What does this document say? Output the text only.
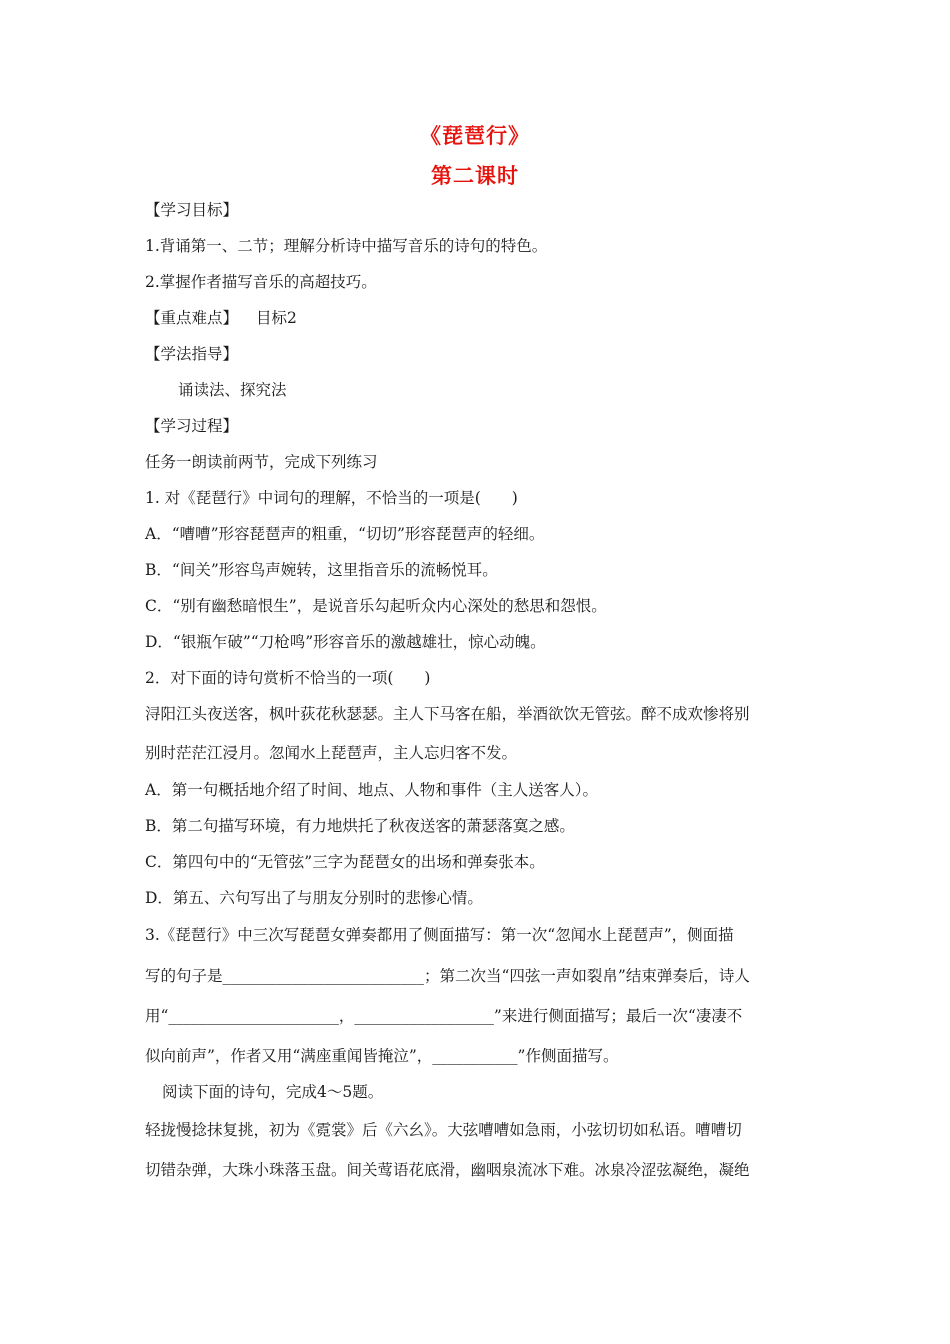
《琵琶行》
第二课时
【学习目标】
1.背诵第一、二节；理解分析诗中描写音乐的诗句的特色。
2.掌握作者描写音乐的高超技巧。
【重点难点】 目标2
【学法指导】
诵读法、探究法
【学习过程】
任务一朗读前两节，完成下列练习
1. 对《琵琶行》中词句的理解，不恰当的一项是(　　)
A．“嘈嘈”形容琵琶声的粗重，“切切”形容琵琶声的轻细。
B．“间关”形容鸟声婉转，这里指音乐的流畅悦耳。
C．“别有幽愁暗恨生”，是说音乐勾起听众内心深处的愁思和怨恨。
D．“银瓶乍破”“刀枪鸣”形容音乐的激越雄壮，惊心动魄。
2．对下面的诗句赏析不恰当的一项(　　)
浔阳江头夜送客，枫叶荻花秋瑟瑟。主人下马客在船，举酒欲饮无管弦。醉不成欢惨将别
别时茫茫江浸月。忽闻水上琵琶声，主人忘归客不发。
A．第一句概括地介绍了时间、地点、人物和事件（主人送客人）。
B．第二句描写环境，有力地烘托了秋夜送客的萧瑟落寞之感。
C．第四句中的“无管弦”三字为琵琶女的出场和弹奏张本。
D．第五、六句写出了与朋友分别时的悲惨心情。
3.《琵琶行》中三次写琵琶女弹奏都用了侧面描写：第一次“忽闻水上琵琶声”，侧面描
写的句子是__________________________；第二次当“四弦一声如裂帛”结束弹奏后，诗人
用“______________________，__________________”来进行侧面描写；最后一次“凄凄不
似向前声”，作者又用“满座重闻皆掩泣”，___________”作侧面描写。
阅读下面的诗句，完成4～5题。
轻拢慢捻抹复挑，初为《霓裳》后《六幺》。大弦嘈嘈如急雨，小弦切切如私语。嘈嘈切
切错杂弹，大珠小珠落玉盘。间关莺语花底滑，幽咽泉流冰下难。冰泉冷涩弦凝绝，凝绝
